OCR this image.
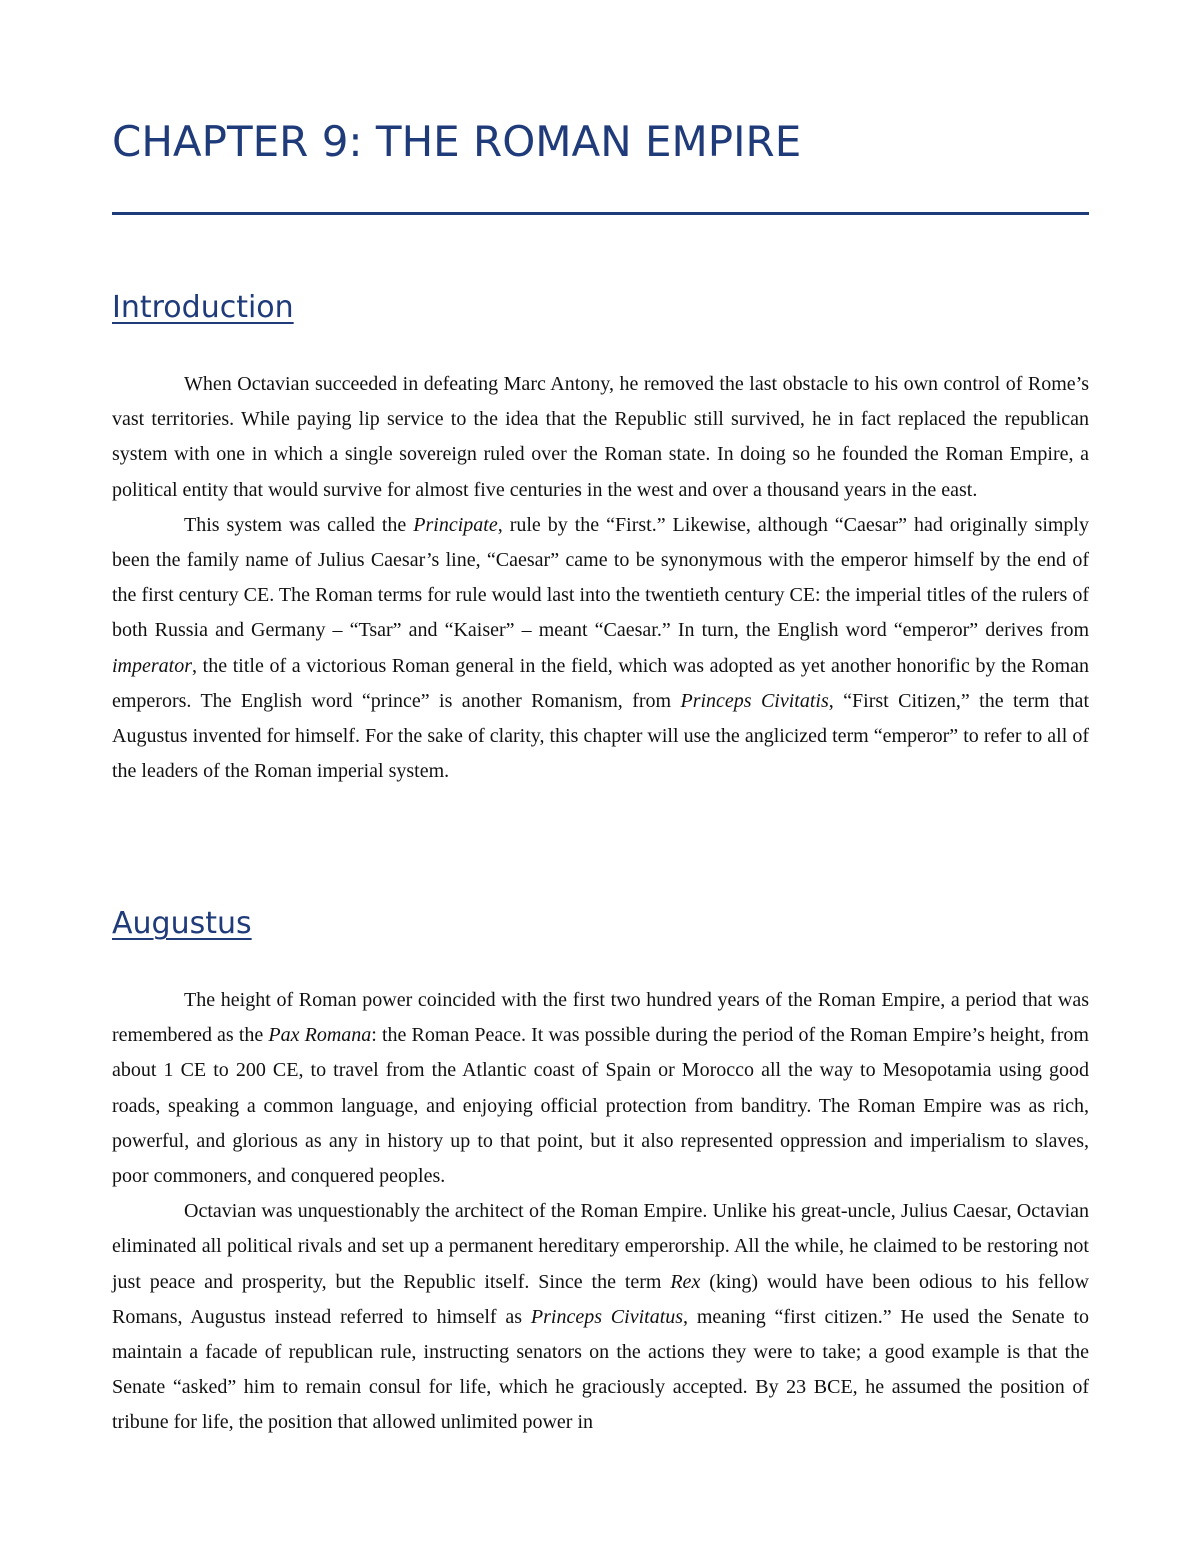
CHAPTER 9: THE ROMAN EMPIRE
Introduction

When Octavian succeeded in defeating Marc Antony, he removed the last obstacle to his own control of Rome’s vast territories. While paying lip service to the idea that the Republic still survived, he in fact replaced the republican system with one in which a single sovereign ruled over the Roman state. In doing so he founded the Roman Empire, a political entity that would survive for almost five centuries in the west and over a thousand years in the east.

This system was called the Principate, rule by the “First.” Likewise, although “Caesar” had originally simply been the family name of Julius Caesar’s line, “Caesar” came to be synonymous with the emperor himself by the end of the first century CE. The Roman terms for rule would last into the twentieth century CE: the imperial titles of the rulers of both Russia and Germany – “Tsar” and “Kaiser” – meant “Caesar.” In turn, the English word “emperor” derives from imperator, the title of a victorious Roman general in the field, which was adopted as yet another honorific by the Roman emperors. The English word “prince” is another Romanism, from Princeps Civitatis, “First Citizen,” the term that Augustus invented for himself. For the sake of clarity, this chapter will use the anglicized term “emperor” to refer to all of the leaders of the Roman imperial system.

Augustus

The height of Roman power coincided with the first two hundred years of the Roman Empire, a period that was remembered as the Pax Romana: the Roman Peace. It was possible during the period of the Roman Empire’s height, from about 1 CE to 200 CE, to travel from the Atlantic coast of Spain or Morocco all the way to Mesopotamia using good roads, speaking a common language, and enjoying official protection from banditry. The Roman Empire was as rich, powerful, and glorious as any in history up to that point, but it also represented oppression and imperialism to slaves, poor commoners, and conquered peoples.

Octavian was unquestionably the architect of the Roman Empire. Unlike his great-uncle, Julius Caesar, Octavian eliminated all political rivals and set up a permanent hereditary emperorship. All the while, he claimed to be restoring not just peace and prosperity, but the Republic itself. Since the term Rex (king) would have been odious to his fellow Romans, Augustus instead referred to himself as Princeps Civitatus, meaning “first citizen.” He used the Senate to maintain a facade of republican rule, instructing senators on the actions they were to take; a good example is that the Senate “asked” him to remain consul for life, which he graciously accepted. By 23 BCE, he assumed the position of tribune for life, the position that allowed unlimited power in
